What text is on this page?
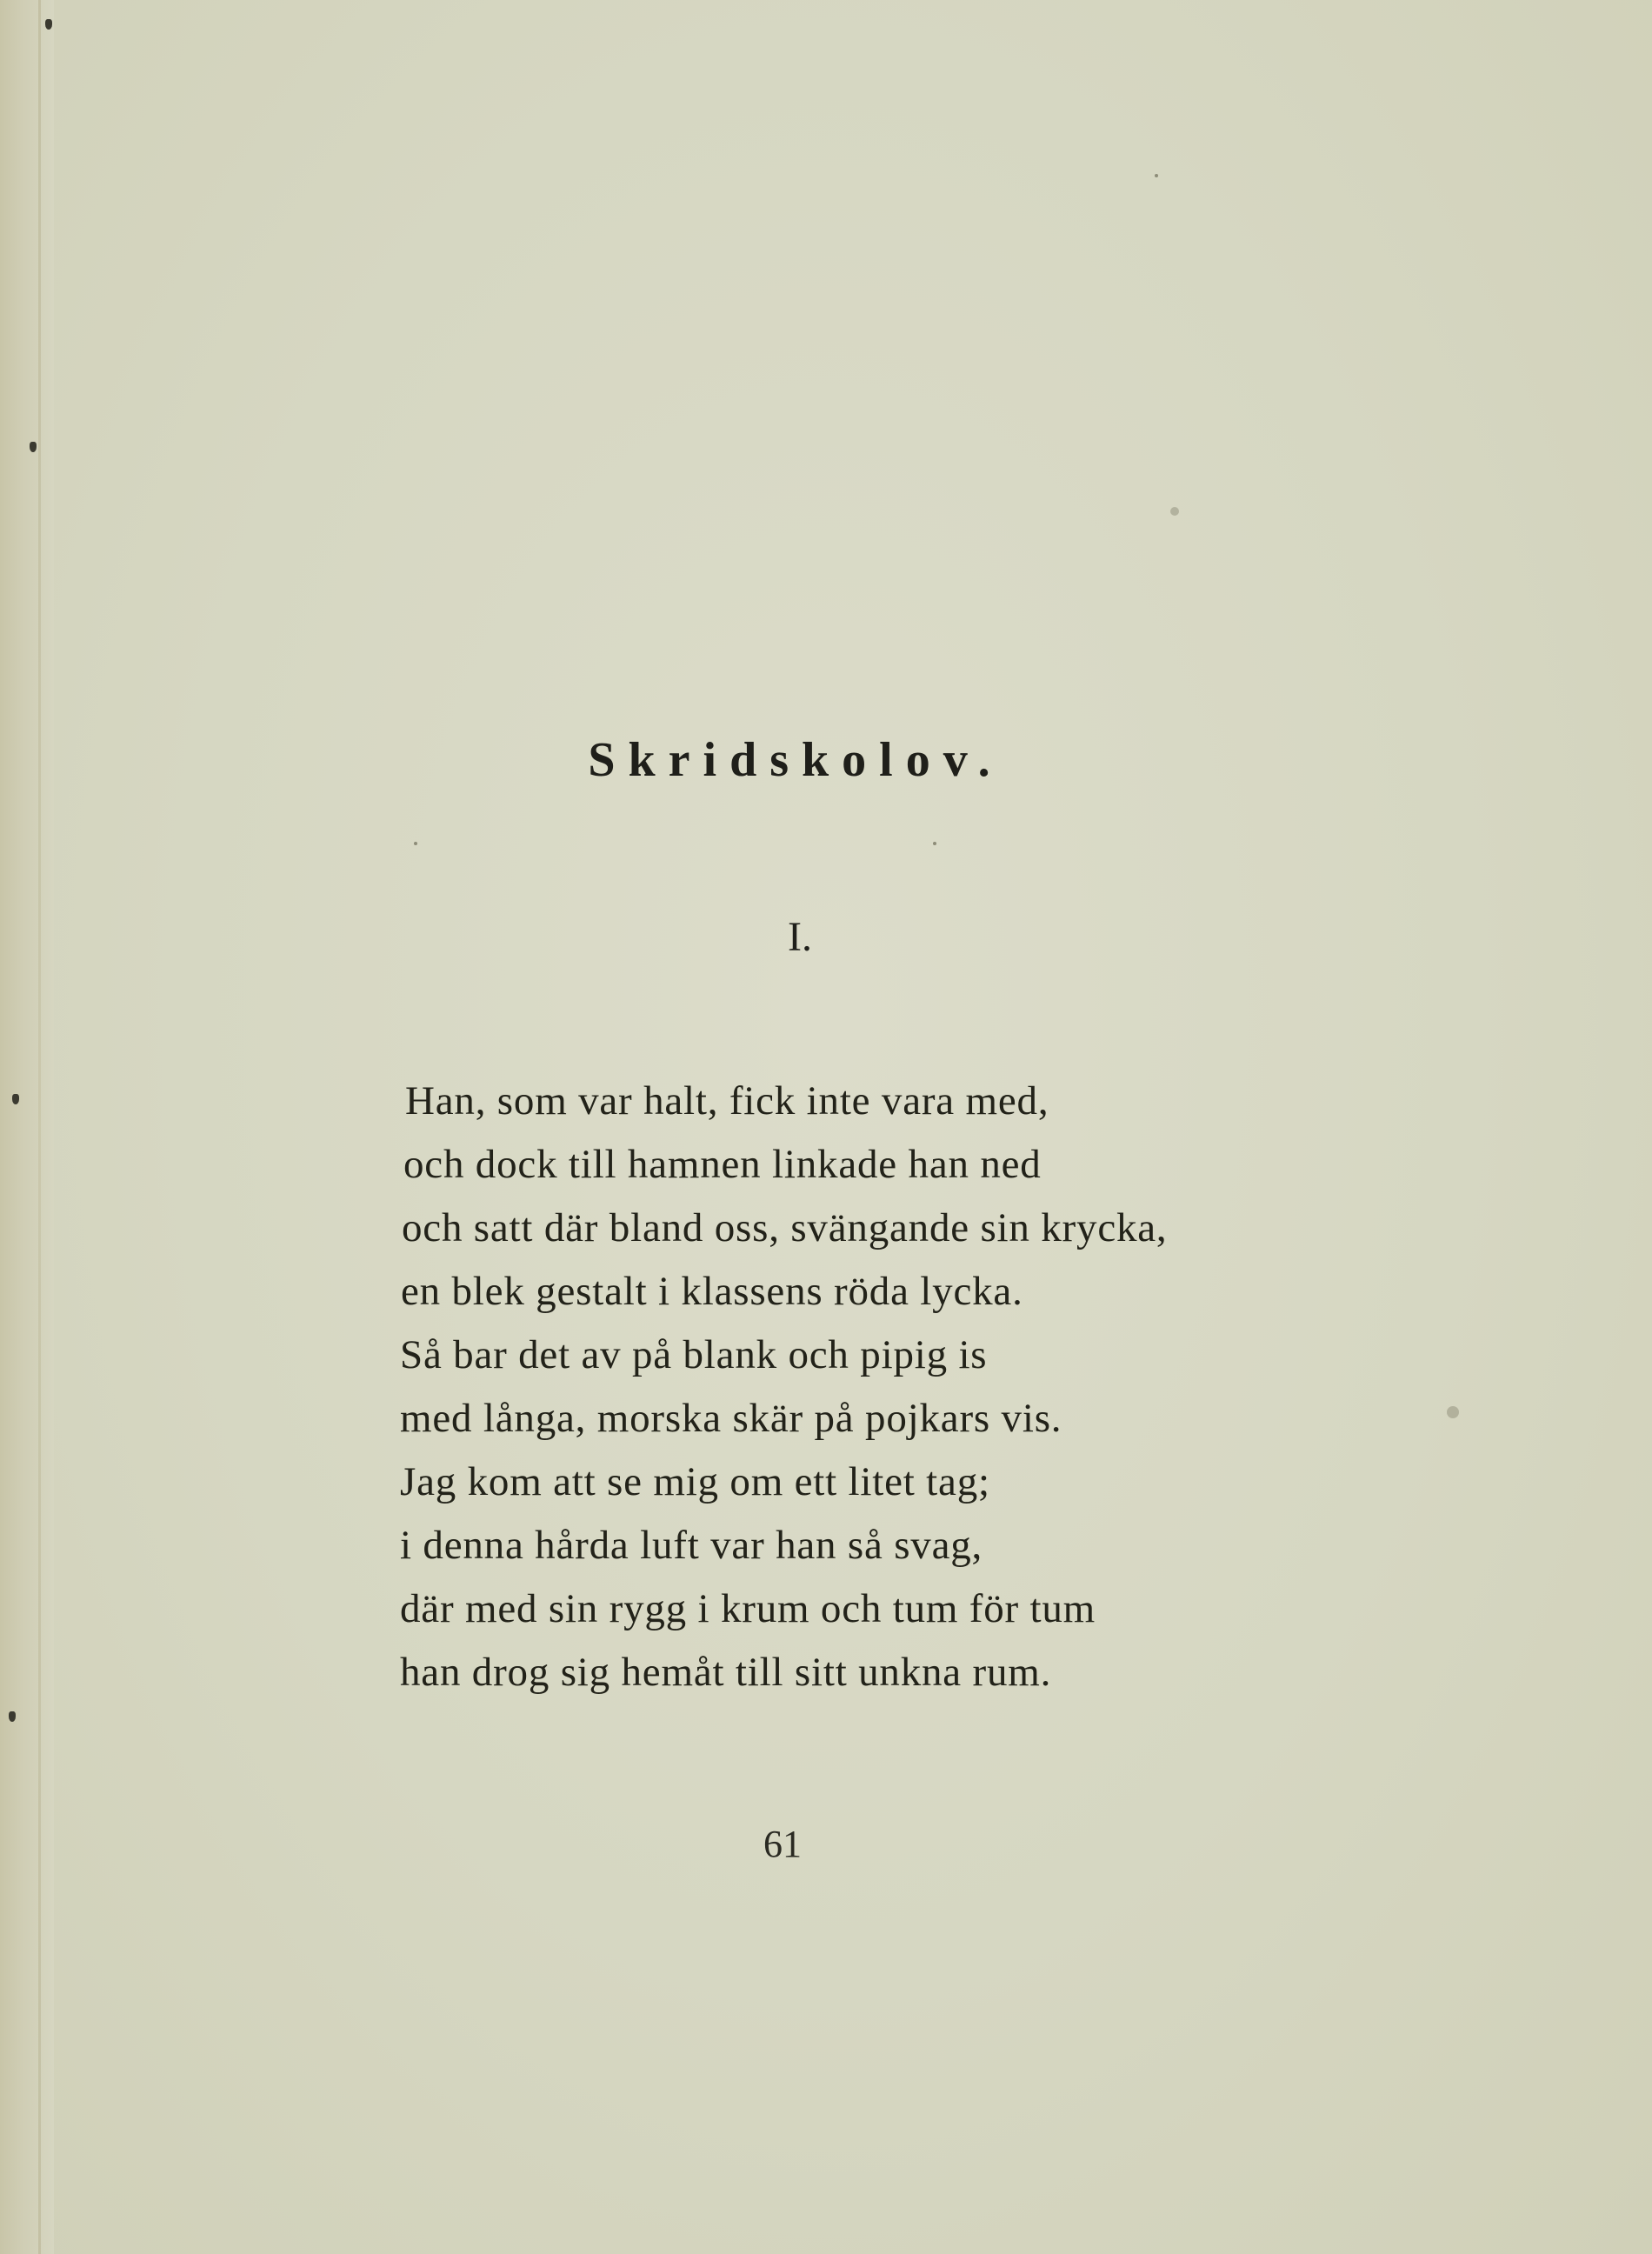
Skridskolov.
I.
Han, som var halt, fick inte vara med,
och dock till hamnen linkade han ned
och satt där bland oss, svängande sin krycka,
en blek gestalt i klassens röda lycka.
Så bar det av på blank och pipig is
med långa, morska skär på pojkars vis.
Jag kom att se mig om ett litet tag;
i denna hårda luft var han så svag,
där med sin rygg i krum och tum för tum
han drog sig hemåt till sitt unkna rum.
61
